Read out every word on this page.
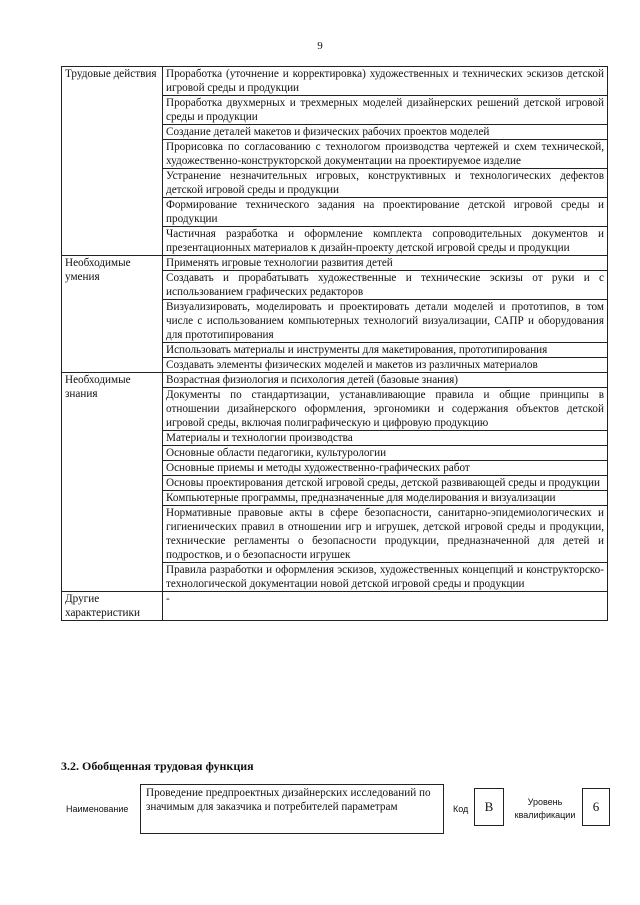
9
Трудовые действия	Проработка (уточнение и корректировка) художественных и технических эскизов детской игровой среды и продукции
	Проработка двухмерных и трехмерных моделей дизайнерских решений детской игровой среды и продукции
	Создание деталей макетов и физических рабочих проектов моделей
	Прорисовка по согласованию с технологом производства чертежей и схем технической, художественно-конструкторской документации на проектируемое изделие
	Устранение незначительных игровых, конструктивных и технологических дефектов детской игровой среды и продукции
	Формирование технического задания на проектирование детской игровой среды и продукции
	Частичная разработка и оформление комплекта сопроводительных документов и презентационных материалов к дизайн-проекту детской игровой среды и продукции
Необходимые умения	Применять игровые технологии развития детей
	Создавать и прорабатывать художественные и технические эскизы от руки и с использованием графических редакторов
	Визуализировать, моделировать и проектировать детали моделей и прототипов, в том числе с использованием компьютерных технологий визуализации, САПР и оборудования для прототипирования
	Использовать материалы и инструменты для макетирования, прототипирования
	Создавать элементы физических моделей и макетов из различных материалов
Необходимые знания	Возрастная физиология и психология детей (базовые знания)
	Документы по стандартизации, устанавливающие правила и общие принципы в отношении дизайнерского оформления, эргономики и содержания объектов детской игровой среды, включая полиграфическую и цифровую продукцию
	Материалы и технологии производства
	Основные области педагогики, культурологии
	Основные приемы и методы художественно-графических работ
	Основы проектирования детской игровой среды, детской развивающей среды и продукции
	Компьютерные программы, предназначенные для моделирования и визуализации
	Нормативные правовые акты в сфере безопасности, санитарно-эпидемиологических и гигиенических правил в отношении игр и игрушек, детской игровой среды и продукции, технические регламенты о безопасности продукции, предназначенной для детей и подростков, и о безопасности игрушек
	Правила разработки и оформления эскизов, художественных концепций и конструкторско-технологической документации новой детской игровой среды и продукции
Другие характеристики	-
3.2. Обобщенная трудовая функция
Наименование
Проведение предпроектных дизайнерских исследований по значимым для заказчика и потребителей параметрам	Код	B	Уровень квалификации
6
